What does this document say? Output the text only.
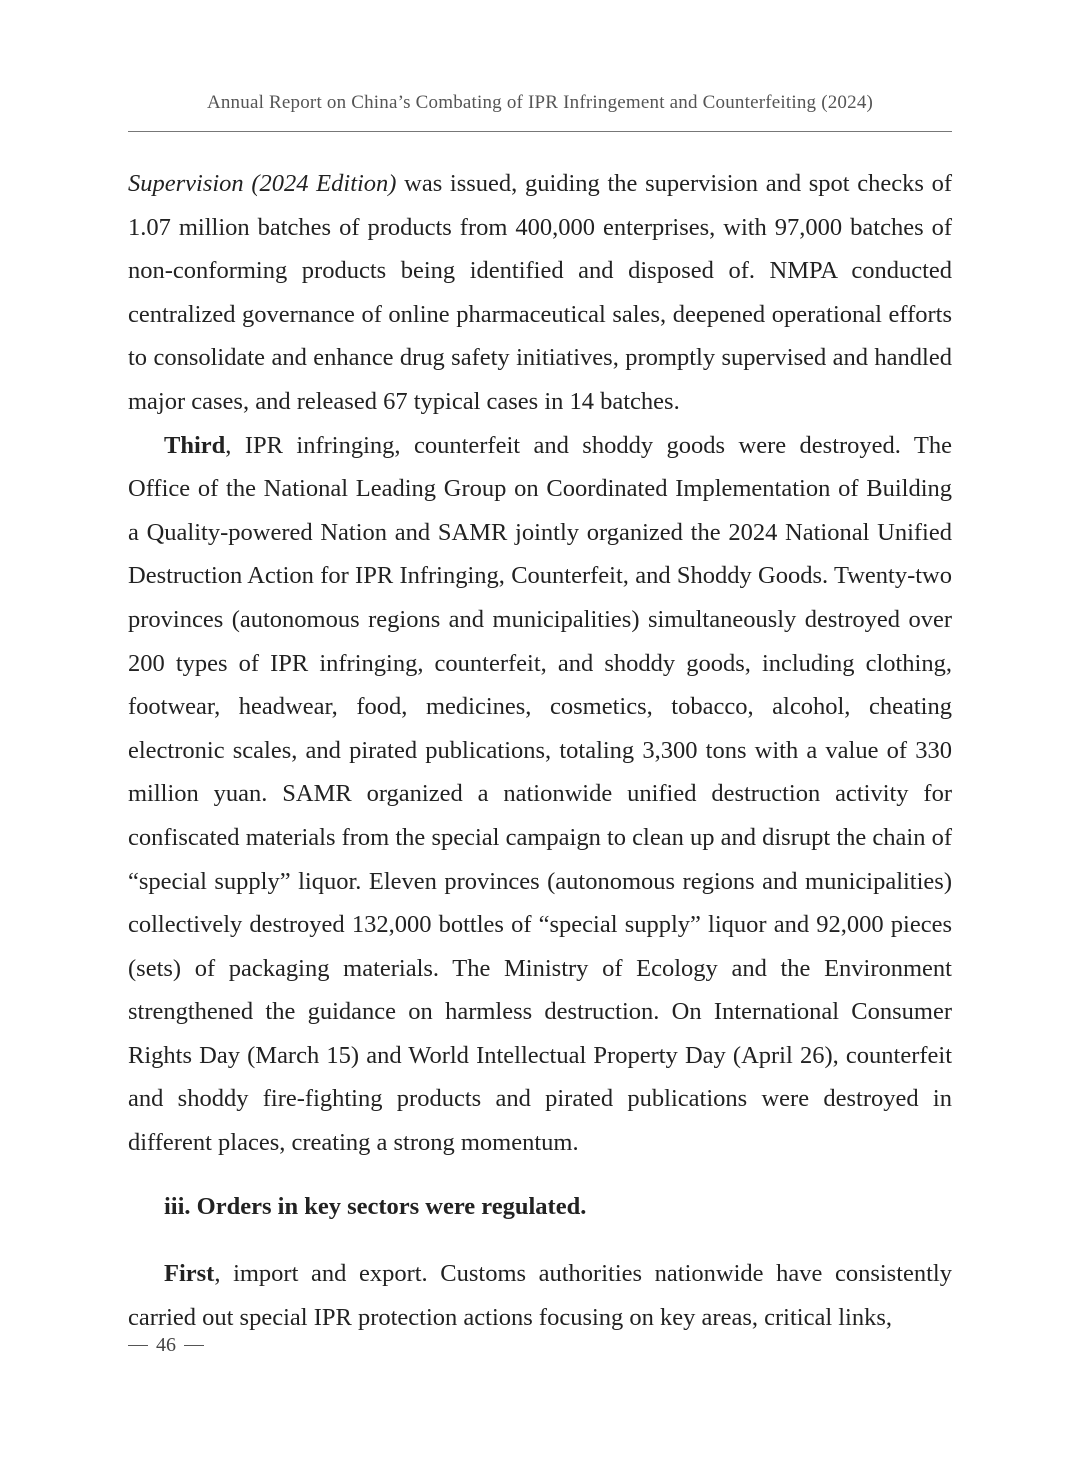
Annual Report on China’s Combating of IPR Infringement and Counterfeiting (2024)

Supervision (2024 Edition) was issued, guiding the supervision and spot checks of 1.07 million batches of products from 400,000 enterprises, with 97,000 batches of non-conforming products being identified and disposed of. NMPA conducted centralized governance of online pharmaceutical sales, deepened operational efforts to consolidate and enhance drug safety initiatives, promptly supervised and handled major cases, and released 67 typical cases in 14 batches.

Third, IPR infringing, counterfeit and shoddy goods were destroyed. The Office of the National Leading Group on Coordinated Implementation of Building a Quality-powered Nation and SAMR jointly organized the 2024 National Unified Destruction Action for IPR Infringing, Counterfeit, and Shoddy Goods. Twenty-two provinces (autonomous regions and municipalities) simultaneously destroyed over 200 types of IPR infringing, counterfeit, and shoddy goods, including clothing, footwear, headwear, food, medicines, cosmetics, tobacco, alcohol, cheating electronic scales, and pirated publications, totaling 3,300 tons with a value of 330 million yuan. SAMR organized a nationwide unified destruction activity for confiscated materials from the special campaign to clean up and disrupt the chain of “special supply” liquor. Eleven provinces (autonomous regions and municipalities) collectively destroyed 132,000 bottles of “special supply” liquor and 92,000 pieces (sets) of packaging materials. The Ministry of Ecology and the Environment strengthened the guidance on harmless destruction. On International Consumer Rights Day (March 15) and World Intellectual Property Day (April 26), counterfeit and shoddy fire-fighting products and pirated publications were destroyed in different places, creating a strong momentum.

iii. Orders in key sectors were regulated.

First, import and export. Customs authorities nationwide have consistently carried out special IPR protection actions focusing on key areas, critical links,

46
